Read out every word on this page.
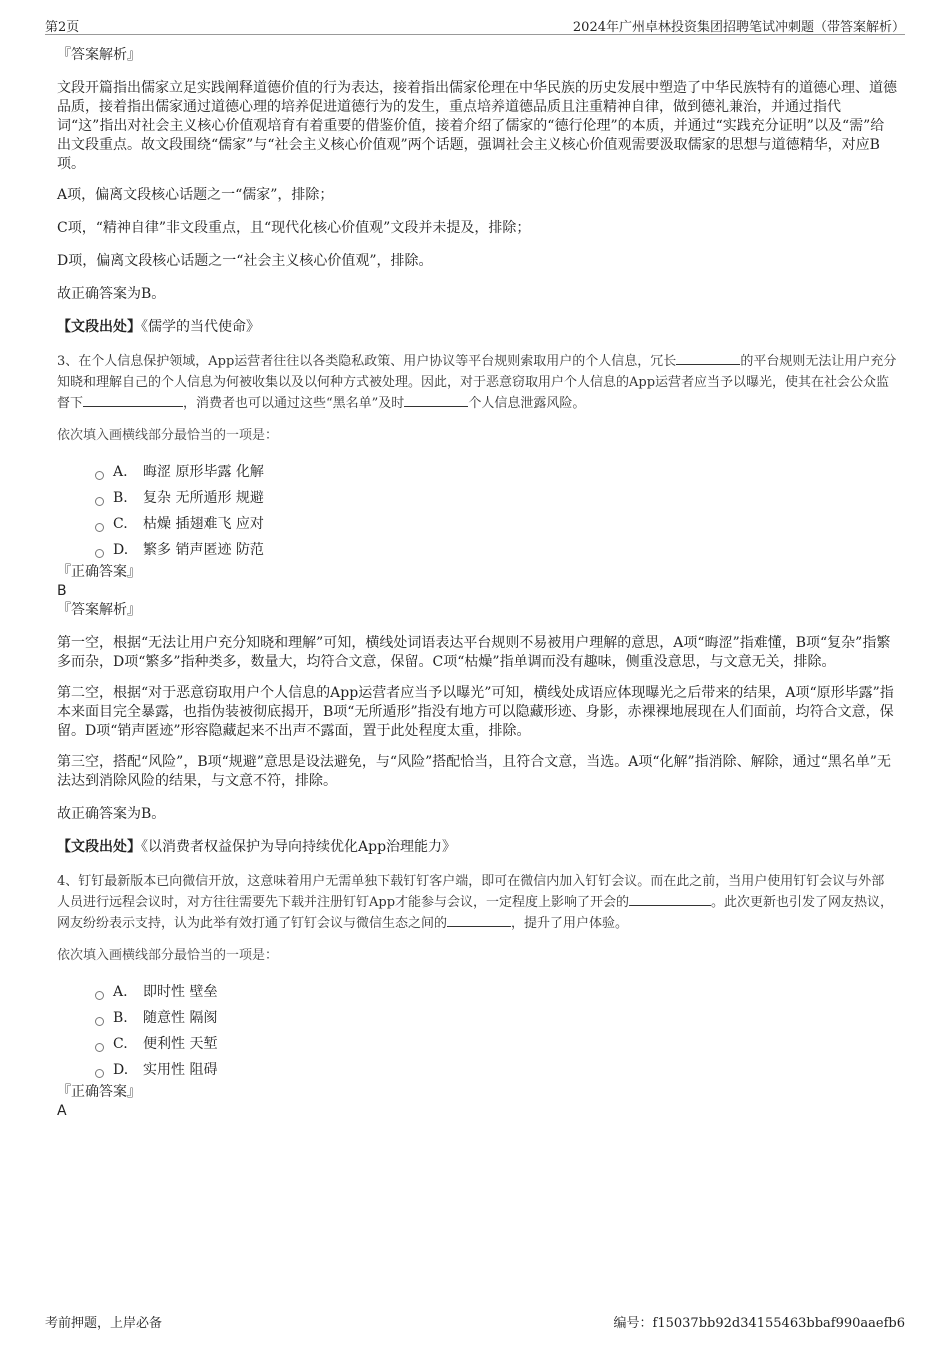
第2页	2024年广州卓林投资集团招聘笔试冲刺题（带答案解析）

『答案解析』

文段开篇指出儒家立足实践阐释道德价值的行为表达，接着指出儒家伦理在中华民族的历史发展中塑造了中华民族特有的道德心理、道德品质，接着指出儒家通过道德心理的培养促进道德行为的发生，重点培养道德品质且注重精神自律，做到德礼兼治，并通过指代词“这”指出对社会主义核心价值观培育有着重要的借鉴价值，接着介绍了儒家的“德行伦理”的本质，并通过“实践充分证明”以及“需”给出文段重点。故文段围绕“儒家”与“社会主义核心价值观”两个话题，强调社会主义核心价值观需要汲取儒家的思想与道德精华，对应B项。

A项，偏离文段核心话题之一“儒家”，排除；

C项，“精神自律”非文段重点，且“现代化核心价值观”文段并未提及，排除；

D项，偏离文段核心话题之一“社会主义核心价值观”，排除。

故正确答案为B。

【文段出处】《儒学的当代使命》

3、在个人信息保护领域，App运营者往往以各类隐私政策、用户协议等平台规则索取用户的个人信息，冗长	的平台规则无法让用户充分知晓和理解自己的个人信息为何被收集以及以何种方式被处理。因此，对于恶意窃取用户个人信息的App运营者应当予以曝光，使其在社会公众监督下	，消费者也可以通过这些“黑名单”及时	个人信息泄露风险。

依次填入画横线部分最恰当的一项是：

A.	晦涩 原形毕露 化解
B.	复杂 无所遁形 规避
C.	枯燥 插翅难飞 应对
D.	繁多 销声匿迹 防范

『正确答案』

B

『答案解析』

第一空，根据“无法让用户充分知晓和理解”可知，横线处词语表达平台规则不易被用户理解的意思，A项“晦涩”指难懂，B项“复杂”指繁多而杂，D项“繁多”指种类多，数量大，均符合文意，保留。C项“枯燥”指单调而没有趣味，侧重没意思，与文意无关，排除。

第二空，根据“对于恶意窃取用户个人信息的App运营者应当予以曝光”可知，横线处成语应体现曝光之后带来的结果，A项“原形毕露”指本来面目完全暴露，也指伪装被彻底揭开，B项“无所遁形”指没有地方可以隐藏形迹、身影，赤裸裸地展现在人们面前，均符合文意，保留。D项“销声匿迹”形容隐藏起来不出声不露面，置于此处程度太重，排除。

第三空，搭配“风险”，B项“规避”意思是设法避免，与“风险”搭配恰当，且符合文意，当选。A项“化解”指消除、解除，通过“黑名单”无法达到消除风险的结果，与文意不符，排除。

故正确答案为B。

【文段出处】《以消费者权益保护为导向持续优化App治理能力》

4、钉钉最新版本已向微信开放，这意味着用户无需单独下载钉钉客户端，即可在微信内加入钉钉会议。而在此之前，当用户使用钉钉会议与外部人员进行远程会议时，对方往往需要先下载并注册钉钉App才能参与会议，一定程度上影响了开会的	。此次更新也引发了网友热议，网友纷纷表示支持，认为此举有效打通了钉钉会议与微信生态之间的	，提升了用户体验。

依次填入画横线部分最恰当的一项是：

A.	即时性 壁垒
B.	随意性 隔阂
C.	便利性 天堑
D.	实用性 阻碍

『正确答案』

A

考前押题，上岸必备	编号：f15037bb92d34155463bbaf990aaefb6
